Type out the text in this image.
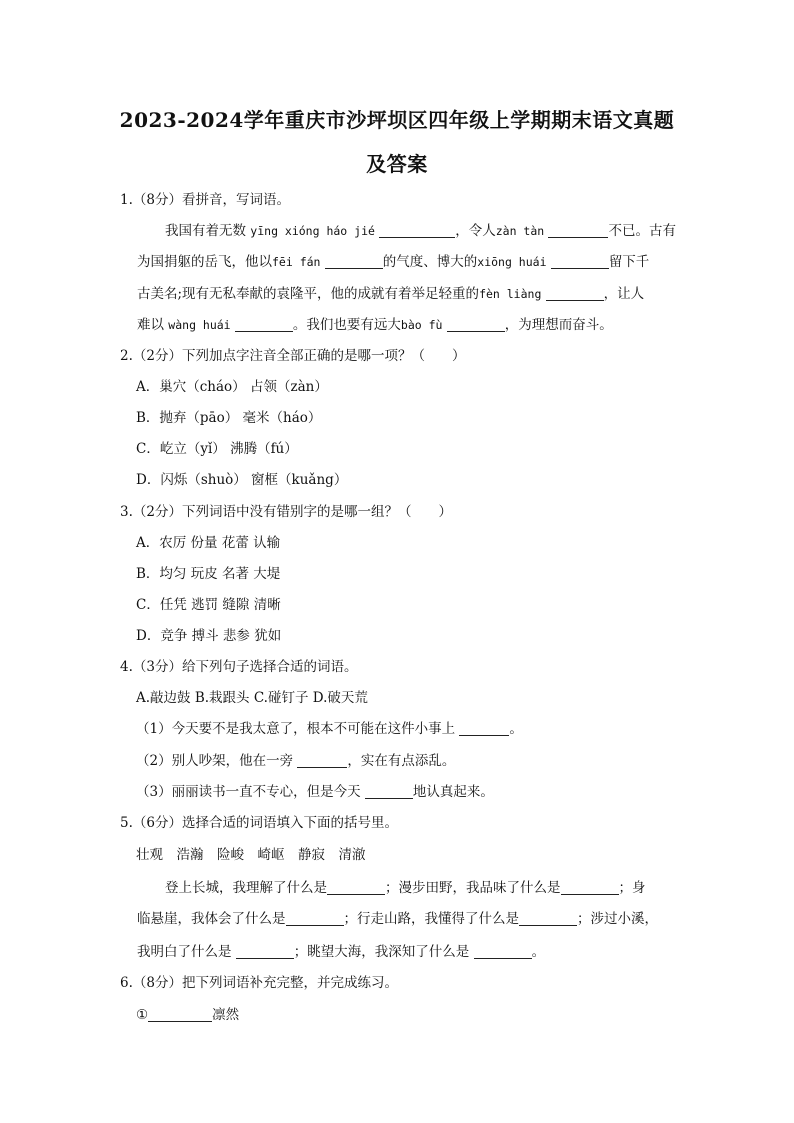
2023-2024学年重庆市沙坪坝区四年级上学期期末语文真题
及答案
1.（8分）看拼音，写词语。
我国有着无数 yīng xióng háo jié	，令人zàn tàn	不已。古有
为国捐躯的岳飞，他以fēi fán	的气度、博大的xiōng huái	留下千
古美名;现有无私奉献的袁隆平，他的成就有着举足轻重的fèn liàng	，让人
难以 wàng huái	。我们也要有远大bào fù	，为理想而奋斗。
2.（2分）下列加点字注音全部正确的是哪一项？（　　）
A．巢穴（cháo） 占领（zàn）
B．抛弃（pāo） 毫米（háo）
C．屹立（yǐ） 沸腾（fú）
D．闪烁（shuò） 窗框（kuǎng）
3.（2分）下列词语中没有错别字的是哪一组？（　　）
A．农厉 份量 花蕾 认输
B．均匀 玩皮 名著 大堤
C．任凭 逃罚 缝隙 清晰
D．竞争 搏斗 悲参 犹如
4.（3分）给下列句子选择合适的词语。
A.敲边鼓 B.栽跟头 C.碰钉子 D.破天荒
（1）今天要不是我太意了，根本不可能在这件小事上	。
（2）别人吵架，他在一旁	，实在有点添乱。
（3）丽丽读书一直不专心，但是今天	地认真起来。
5.（6分）选择合适的词语填入下面的括号里。
壮观　浩瀚　险峻　崎岖　静寂　清澈
登上长城，我理解了什么是	；漫步田野，我品味了什么是	；身
临悬崖，我体会了什么是	；行走山路，我懂得了什么是	；涉过小溪，
我明白了什么是	；眺望大海，我深知了什么是	。
6.（8分）把下列词语补充完整，并完成练习。
①	凛然
